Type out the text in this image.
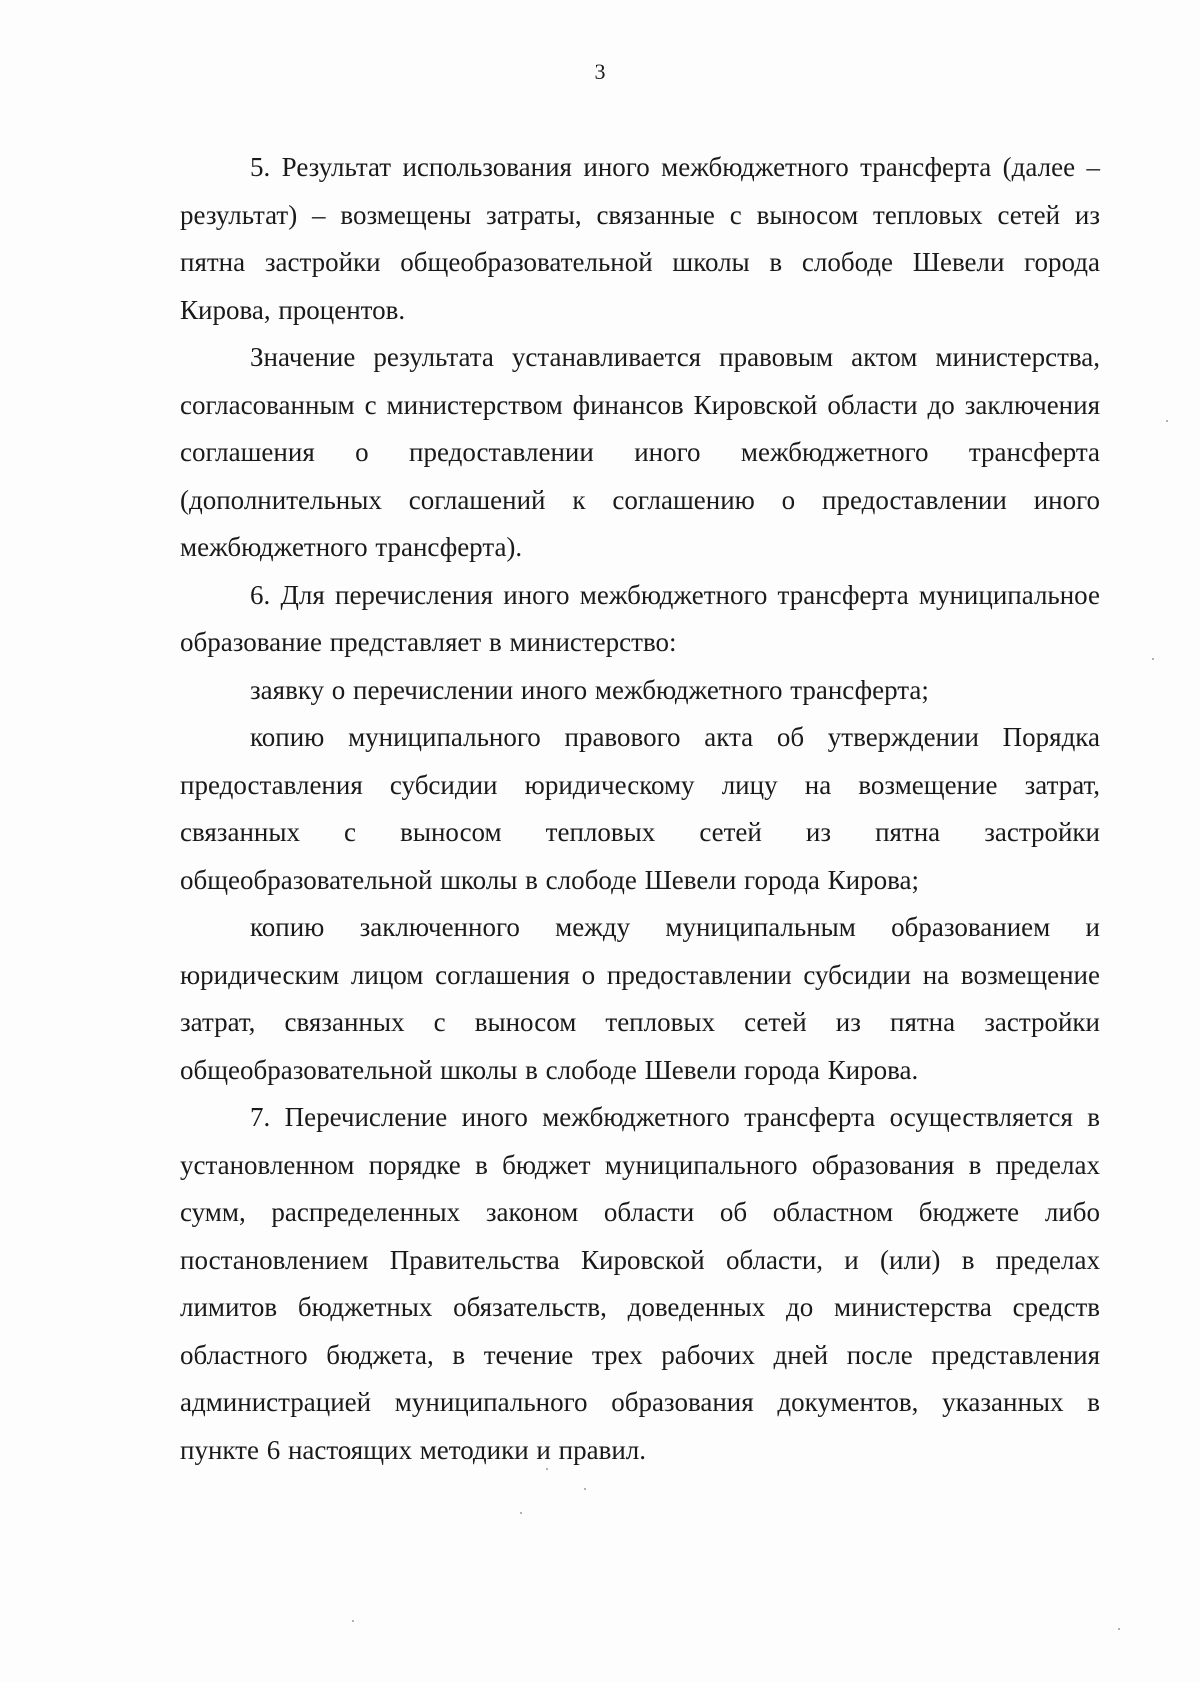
3

5. Результат использования иного межбюджетного трансферта (далее – результат) – возмещены затраты, связанные с выносом тепловых сетей из пятна застройки общеобразовательной школы в слободе Шевели города Кирова, процентов.

Значение результата устанавливается правовым актом министерства, согласованным с министерством финансов Кировской области до заключения соглашения о предоставлении иного межбюджетного трансферта (дополнительных соглашений к соглашению о предоставлении иного межбюджетного трансферта).

6. Для перечисления иного межбюджетного трансферта муниципальное образование представляет в министерство:

заявку о перечислении иного межбюджетного трансферта;

копию муниципального правового акта об утверждении Порядка предоставления субсидии юридическому лицу на возмещение затрат, связанных с выносом тепловых сетей из пятна застройки общеобразовательной школы в слободе Шевели города Кирова;

копию заключенного между муниципальным образованием и юридическим лицом соглашения о предоставлении субсидии на возмещение затрат, связанных с выносом тепловых сетей из пятна застройки общеобразовательной школы в слободе Шевели города Кирова.

7. Перечисление иного межбюджетного трансферта осуществляется в установленном порядке в бюджет муниципального образования в пределах сумм, распределенных законом области об областном бюджете либо постановлением Правительства Кировской области, и (или) в пределах лимитов бюджетных обязательств, доведенных до министерства средств областного бюджета, в течение трех рабочих дней после представления администрацией муниципального образования документов, указанных в пункте 6 настоящих методики и правил.
